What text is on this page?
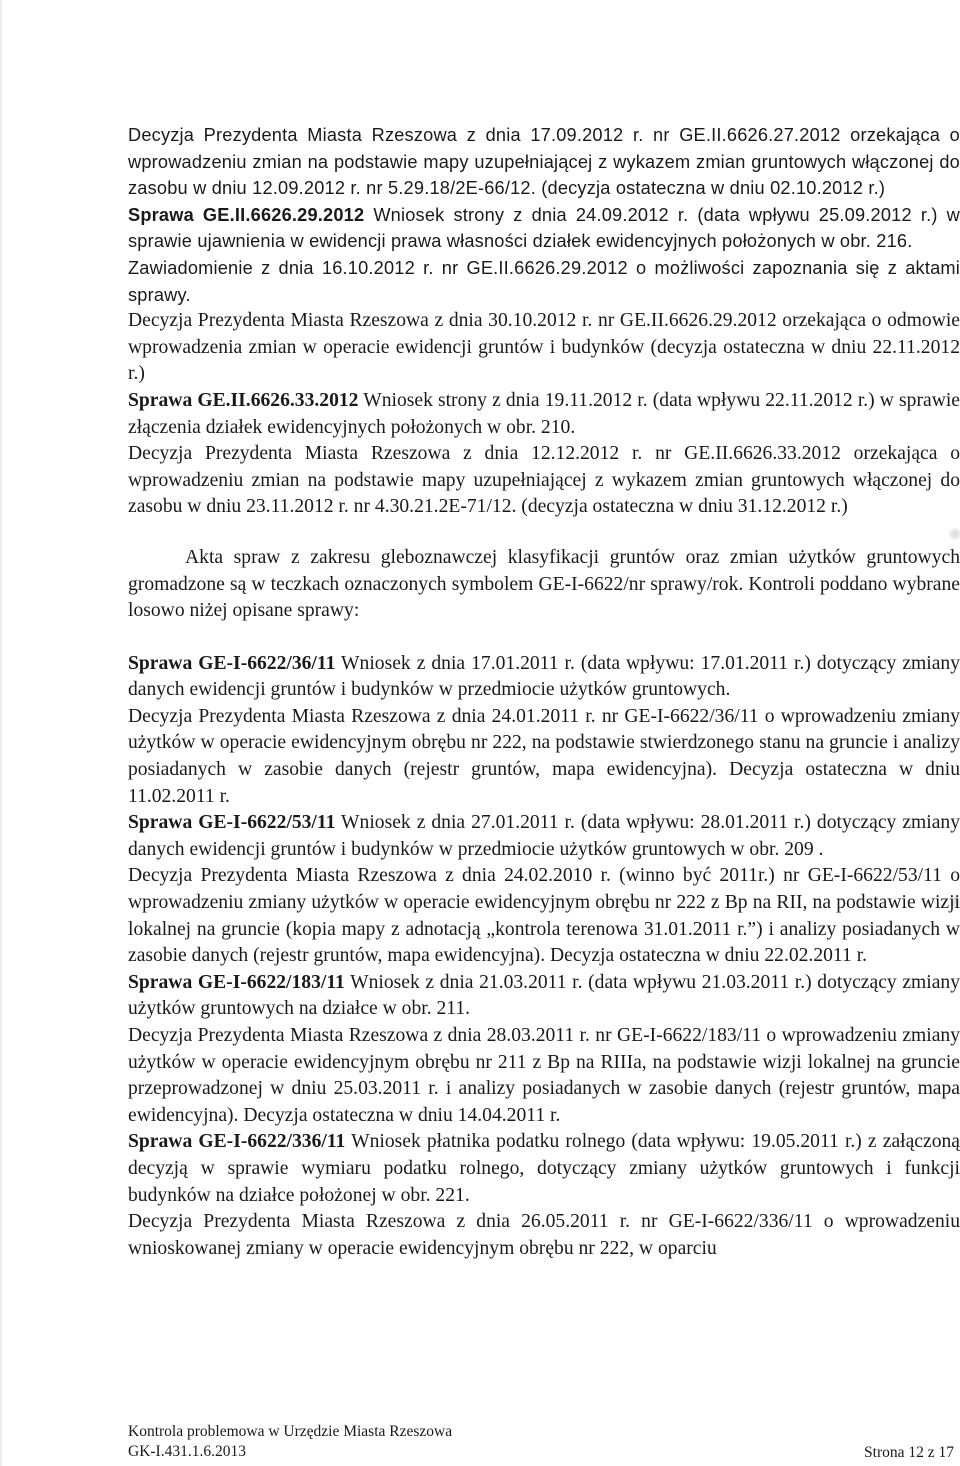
Decyzja Prezydenta Miasta Rzeszowa z dnia 17.09.2012 r. nr GE.II.6626.27.2012 orzekająca o wprowadzeniu zmian na podstawie mapy uzupełniającej z wykazem zmian gruntowych włączonej do zasobu w dniu 12.09.2012 r. nr 5.29.18/2E-66/12. (decyzja ostateczna w dniu 02.10.2012 r.)

Sprawa GE.II.6626.29.2012 Wniosek strony z dnia 24.09.2012 r. (data wpływu 25.09.2012 r.) w sprawie ujawnienia w ewidencji prawa własności działek ewidencyjnych położonych w obr. 216.

Zawiadomienie z dnia 16.10.2012 r. nr GE.II.6626.29.2012 o możliwości zapoznania się z aktami sprawy.

Decyzja Prezydenta Miasta Rzeszowa z dnia 30.10.2012 r. nr GE.II.6626.29.2012 orzekająca o odmowie wprowadzenia zmian w operacie ewidencji gruntów i budynków (decyzja ostateczna w dniu 22.11.2012 r.)

Sprawa GE.II.6626.33.2012 Wniosek strony z dnia 19.11.2012 r. (data wpływu 22.11.2012 r.) w sprawie złączenia działek ewidencyjnych położonych w obr. 210.

Decyzja Prezydenta Miasta Rzeszowa z dnia 12.12.2012 r. nr GE.II.6626.33.2012 orzekająca o wprowadzeniu zmian na podstawie mapy uzupełniającej z wykazem zmian gruntowych włączonej do zasobu w dniu 23.11.2012 r. nr 4.30.21.2E-71/12. (decyzja ostateczna w dniu 31.12.2012 r.)

Akta spraw z zakresu gleboznawczej klasyfikacji gruntów oraz zmian użytków gruntowych gromadzone są w teczkach oznaczonych symbolem GE-I-6622/nr sprawy/rok. Kontroli poddano wybrane losowo niżej opisane sprawy:

Sprawa GE-I-6622/36/11 Wniosek z dnia 17.01.2011 r. (data wpływu: 17.01.2011 r.) dotyczący zmiany danych ewidencji gruntów i budynków w przedmiocie użytków gruntowych.

Decyzja Prezydenta Miasta Rzeszowa z dnia 24.01.2011 r. nr GE-I-6622/36/11 o wprowadzeniu zmiany użytków w operacie ewidencyjnym obrębu nr 222, na podstawie stwierdzonego stanu na gruncie i analizy posiadanych w zasobie danych (rejestr gruntów, mapa ewidencyjna). Decyzja ostateczna w dniu 11.02.2011 r.

Sprawa GE-I-6622/53/11 Wniosek z dnia 27.01.2011 r. (data wpływu: 28.01.2011 r.) dotyczący zmiany danych ewidencji gruntów i budynków w przedmiocie użytków gruntowych w obr. 209 .

Decyzja Prezydenta Miasta Rzeszowa z dnia 24.02.2010 r. (winno być 2011r.) nr GE-I-6622/53/11 o wprowadzeniu zmiany użytków w operacie ewidencyjnym obrębu nr 222 z Bp na RII, na podstawie wizji lokalnej na gruncie (kopia mapy z adnotacją „kontrola terenowa 31.01.2011 r.”) i analizy posiadanych w zasobie danych (rejestr gruntów, mapa ewidencyjna). Decyzja ostateczna w dniu 22.02.2011 r.

Sprawa GE-I-6622/183/11 Wniosek z dnia 21.03.2011 r. (data wpływu 21.03.2011 r.) dotyczący zmiany użytków gruntowych na działce w obr. 211.

Decyzja Prezydenta Miasta Rzeszowa z dnia 28.03.2011 r. nr GE-I-6622/183/11 o wprowadzeniu zmiany użytków w operacie ewidencyjnym obrębu nr 211 z Bp na RIIIa, na podstawie wizji lokalnej na gruncie przeprowadzonej w dniu 25.03.2011 r. i analizy posiadanych w zasobie danych (rejestr gruntów, mapa ewidencyjna). Decyzja ostateczna w dniu 14.04.2011 r.

Sprawa GE-I-6622/336/11 Wniosek płatnika podatku rolnego (data wpływu: 19.05.2011 r.) z załączoną decyzją w sprawie wymiaru podatku rolnego, dotyczący zmiany użytków gruntowych i funkcji budynków na działce położonej w obr. 221.

Decyzja Prezydenta Miasta Rzeszowa z dnia 26.05.2011 r. nr GE-I-6622/336/11 o wprowadzeniu wnioskowanej zmiany w operacie ewidencyjnym obrębu nr 222, w oparciu

Kontrola problemowa w Urzędzie Miasta Rzeszowa
GK-I.431.1.6.2013	Strona 12 z 17
